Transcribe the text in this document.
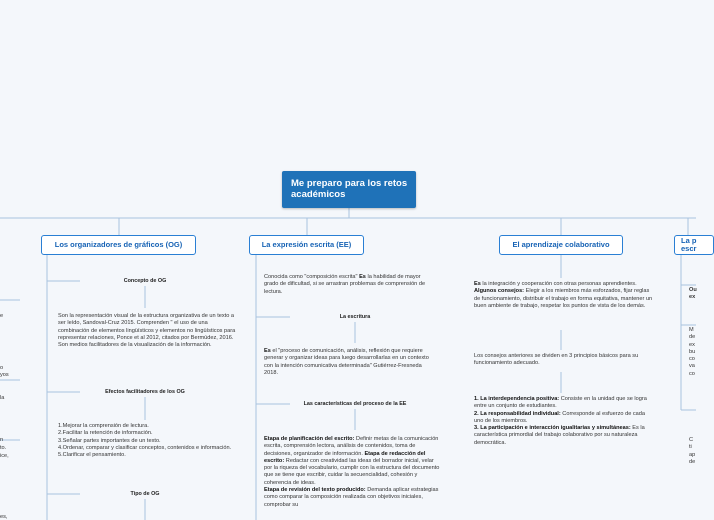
Me preparo para los retos académicos
Los organizadores de gráficos (OG)	La expresión escrita (EE)	El aprendizaje colaborativo	La p escr
Concepto de OG
Son la representación visual de la estructura organizativa de un texto a ser leído, Sandoval-Cruz 2015. Comprenden " el uso de una combinación de elementos lingüísticos y elementos no lingüísticos para representar relaciones, Ponce et al 2012, citados por Bermúdez, 2016. Son medios facilitadores de la visualización de la información.
Efectos facilitadores de los OG
1.Mejorar la comprensión de lectura.
2.Facilitar la retención de información.
3.Señalar partes importantes de un texto.
4.Ordenar, comparar y clasificar conceptos, contenidos e información.
5.Clarificar el pensamiento.
Tipo de OG
Conocida como "composición escrita" Es la habilidad de mayor grado de dificultad, si se arrastran problemas de comprensión de lectura.
La escritura
Es el "proceso de comunicación, análisis, reflexión que requiere generar y organizar ideas para luego desarrollarlas en un contexto con la intención comunicativa determinada" Gutiérrez-Fresneda 2018.
Las características del proceso de la EE
Etapa de planificación del escrito: Definir metas de la comunicación escrita, comprensión lectora, análisis de contenidos, toma de decisiones, organizador de información. Etapa de redacción del escrito: Redactar con creatividad las ideas del borrador inicial, velar por la riqueza del vocabulario, cumplir con la estructura del documento que se tiene que escribir, cuidar la secuencialidad, cohesión y coherencia de ideas.
Etapa de revisión del texto producido: Demanda aplicar estrategias como comparar la composición realizada con objetivos iniciales, comprobar su
Es la integración y cooperación con otras personas aprendientes.
Algunos consejos: Elegir a los miembros más esforzados, fijar reglas de funcionamiento, distribuir el trabajo en forma equitativa, mantener un buen ambiente de trabajo, respetar los puntos de vista de los demás.
Los consejos anteriores se dividen en 3 principios básicos para su funcionamiento adecuado.
1. La interdependencia positiva: Consiste en la unidad que se logra entre un conjunto de estudiantes.
2. La responsabilidad individual: Corresponde al esfuerzo de cada uno de los miembros.
3. La participación e interacción igualitarias y simultáneas: Es la característica primordial del trabajo colaborativo por su naturaleza democrática.
Ou
ex
M
de
ex
bu
co
va
co
C
ti
ap
de
e
o
yos
la
n
to.
ice,
es,
